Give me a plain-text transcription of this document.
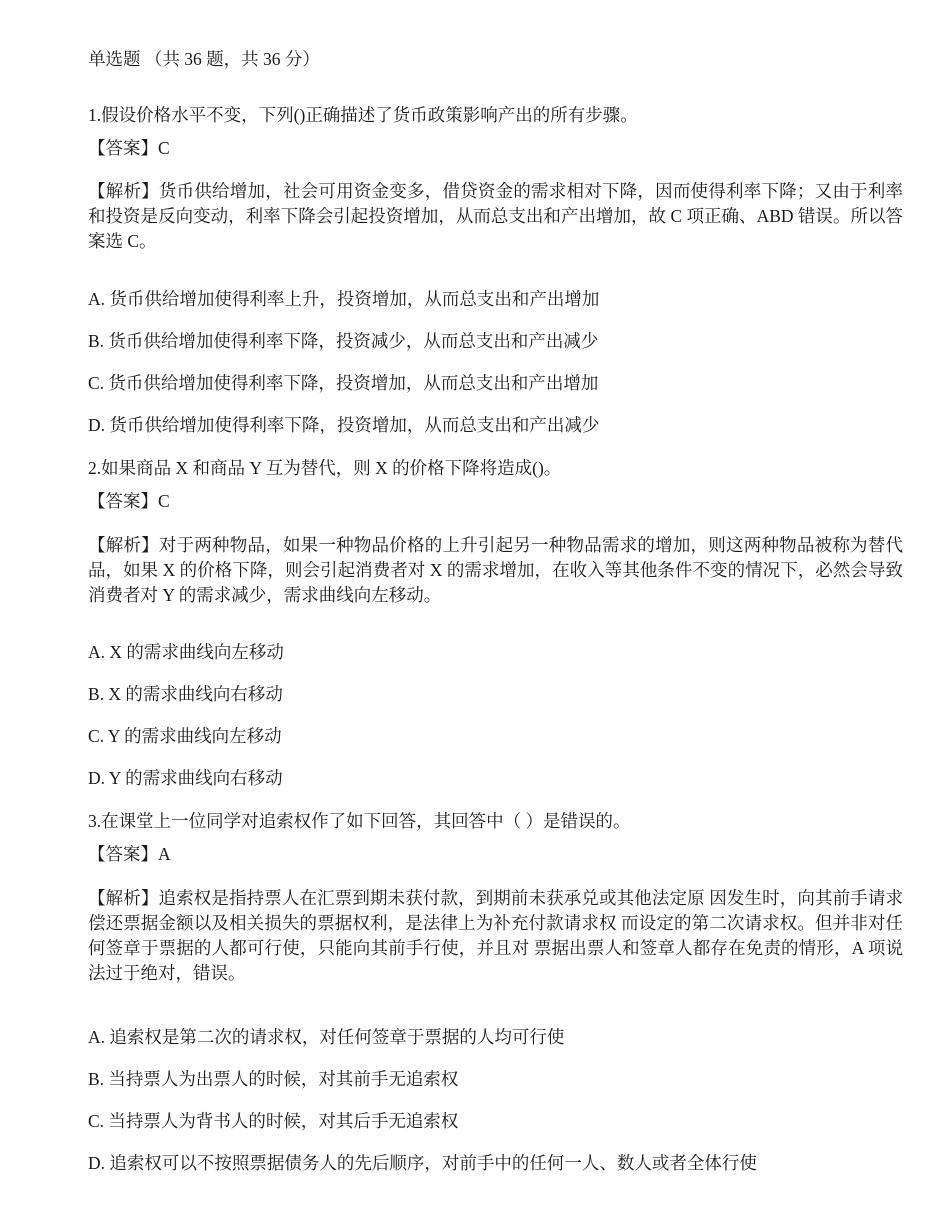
单选题 （共 36 题，共 36 分）
1.假设价格水平不变，下列()正确描述了货币政策影响产出的所有步骤。
【答案】C
【解析】货币供给增加，社会可用资金变多，借贷资金的需求相对下降，因而使得利率下降；又由于利率和投资是反向变动，利率下降会引起投资增加，从而总支出和产出增加，故 C 项正确、ABD 错误。所以答案选 C。
A. 货币供给增加使得利率上升，投资增加，从而总支出和产出增加
B. 货币供给增加使得利率下降，投资减少，从而总支出和产出减少
C. 货币供给增加使得利率下降，投资增加，从而总支出和产出增加
D. 货币供给增加使得利率下降，投资增加，从而总支出和产出减少
2.如果商品 X 和商品 Y 互为替代，则 X 的价格下降将造成()。
【答案】C
【解析】对于两种物品，如果一种物品价格的上升引起另一种物品需求的增加，则这两种物品被称为替代品，如果 X 的价格下降，则会引起消费者对 X 的需求增加，在收入等其他条件不变的情况下，必然会导致消费者对 Y 的需求减少，需求曲线向左移动。
A. X 的需求曲线向左移动
B. X 的需求曲线向右移动
C. Y 的需求曲线向左移动
D. Y 的需求曲线向右移动
3.在课堂上一位同学对追索权作了如下回答，其回答中（ ）是错误的。
【答案】A
【解析】追索权是指持票人在汇票到期未获付款，到期前未获承兑或其他法定原 因发生时，向其前手请求偿还票据金额以及相关损失的票据权利，是法律上为补充付款请求权 而设定的第二次请求权。但并非对任何签章于票据的人都可行使，只能向其前手行使，并且对 票据出票人和签章人都存在免责的情形，A 项说法过于绝对，错误。
A. 追索权是第二次的请求权，对任何签章于票据的人均可行使
B. 当持票人为出票人的时候，对其前手无追索权
C. 当持票人为背书人的时候，对其后手无追索权
D. 追索权可以不按照票据债务人的先后顺序，对前手中的任何一人、数人或者全体行使
